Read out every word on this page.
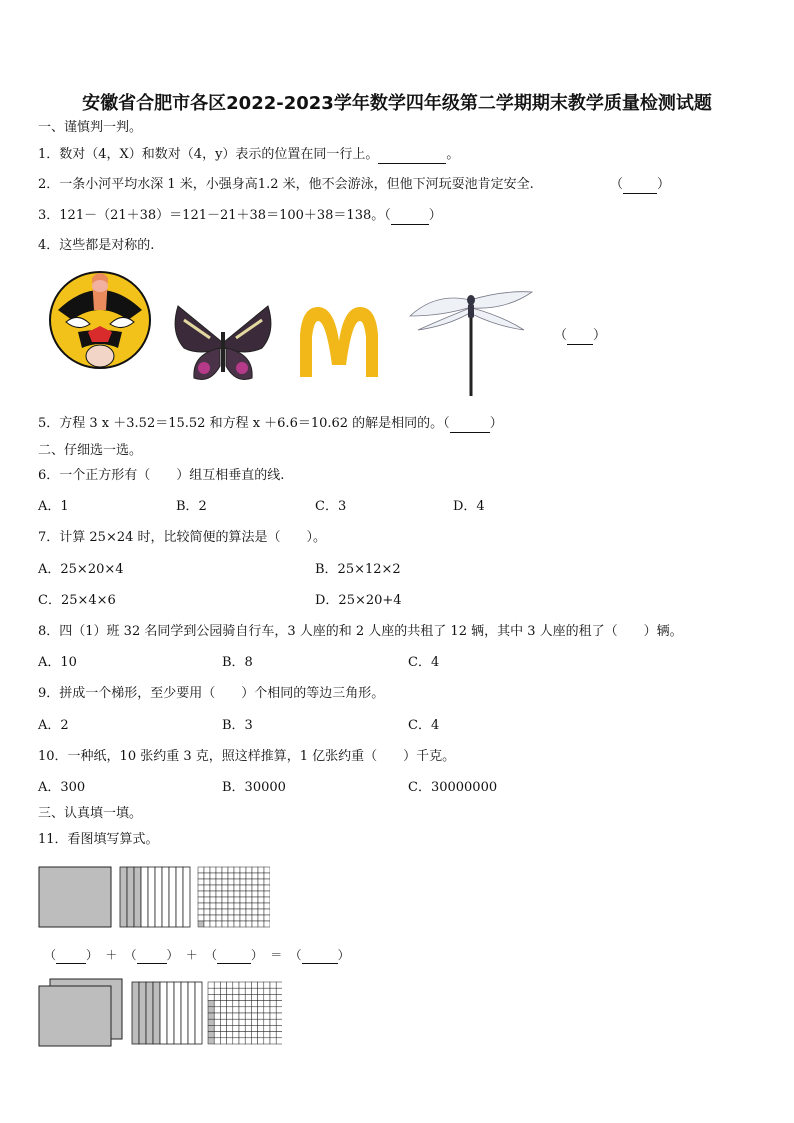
安徽省合肥市各区2022-2023学年数学四年级第二学期期末教学质量检测试题
一、谨慎判一判。
1．数对（4，X）和数对（4，y）表示的位置在同一行上。	。
2．一条小河平均水深 1 米，小强身高1.2 米，他不会游泳，但他下河玩耍池肯定安全.	（	）
3．121－（21＋38）＝121－21＋38＝100＋38＝138。（	）
4．这些都是对称的.
（ ）
5．方程 3 x ＋3.52＝15.52 和方程 x ＋6.6＝10.62 的解是相同的。（	）
二、仔细选一选。
6．一个正方形有（　　）组互相垂直的线.
A．1	B．2	C．3	D．4
7．计算 25×24 时，比较简便的算法是（　　）。
A．25×20×4	B．25×12×2
C．25×4×6	D．25×20+4
8．四（1）班 32 名同学到公园骑自行车，3 人座的和 2 人座的共租了 12 辆，其中 3 人座的租了（　　）辆。
A．10	B．8	C．4
9．拼成一个梯形，至少要用（　　）个相同的等边三角形。
A．2	B．3	C．4
10．一种纸，10 张约重 3 克，照这样推算，1 亿张约重（　　）千克。
A．300	B．30000	C．30000000
三、认真填一填。
11．看图填写算式。
（	） ＋ （	） ＋ （	） ＝ （	）
